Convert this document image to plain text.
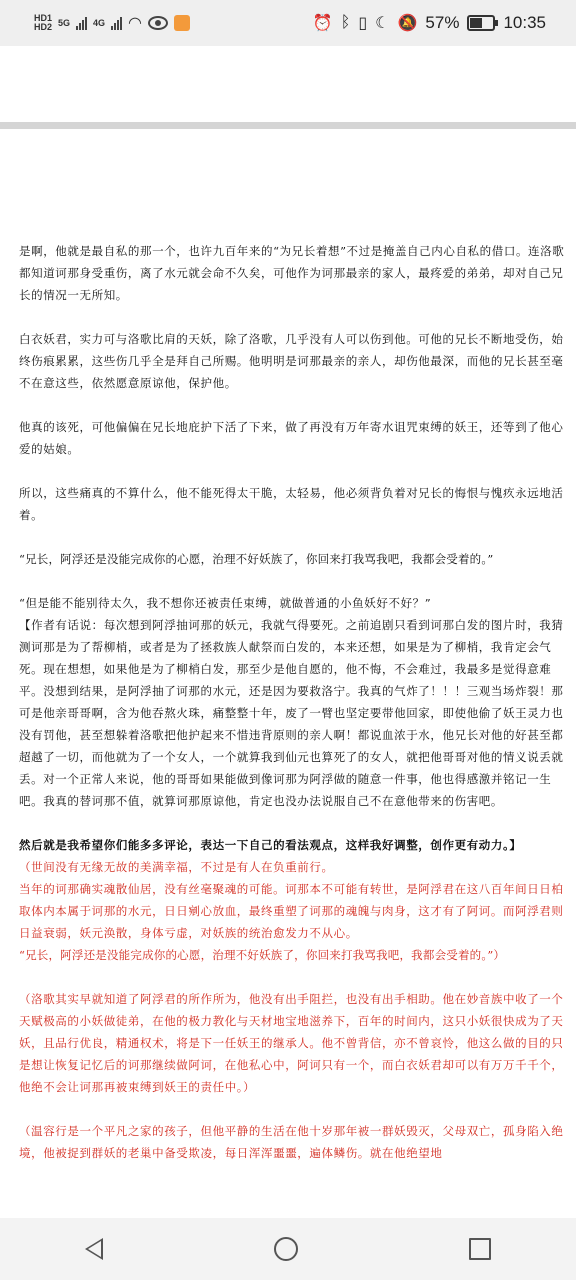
HD1
HD2 5G	4G ◠	⏰ ᛒ ▯ ☾ 🔕 57%	10:35

是啊，他就是最自私的那一个，也许九百年来的“为兄长着想”不过是掩盖自己内心自私的借口。连洛歌都知道诃那身受重伤，离了水元就会命不久矣，可他作为诃那最亲的家人，最疼爱的弟弟，却对自己兄长的情况一无所知。

白衣妖君，实力可与洛歌比肩的天妖，除了洛歌，几乎没有人可以伤到他。可他的兄长不断地受伤，始终伤痕累累，这些伤几乎全是拜自己所赐。他明明是诃那最亲的亲人，却伤他最深，而他的兄长甚至毫不在意这些，依然愿意原谅他，保护他。

他真的该死，可他偏偏在兄长地庇护下活了下来，做了再没有万年寄水诅咒束缚的妖王，还等到了他心爱的姑娘。

所以，这些痛真的不算什么，他不能死得太干脆，太轻易，他必须背负着对兄长的悔恨与愧疚永远地活着。

“兄长，阿浮还是没能完成你的心愿，治理不好妖族了，你回来打我骂我吧，我都会受着的。”

“但是能不能别待太久，我不想你还被责任束缚，就做普通的小鱼妖好不好？”

【作者有话说：每次想到阿浮抽诃那的妖元，我就气得要死。之前追剧只看到诃那白发的图片时，我猜测诃那是为了帮柳梢，或者是为了拯救族人献祭而白发的，本来还想，如果是为了柳梢，我肯定会气死。现在想想，如果他是为了柳梢白发，那至少是他自愿的，他不悔，不会难过，我最多是觉得意难平。没想到结果，是阿浮抽了诃那的水元，还是因为要救洛宁。我真的气炸了！！！三观当场炸裂！那可是他亲哥哥啊，含为他吞熬火珠，痛整整十年，废了一臂也坚定要带他回家，即使他偷了妖王灵力也没有罚他，甚至想躲着洛歌把他护起来不惜违背原则的亲人啊！都说血浓于水，他兄长对他的好甚至都超越了一切，而他就为了一个女人，一个就算我到仙元也算死了的女人，就把他哥哥对他的情义说丢就丢。对一个正常人来说，他的哥哥如果能做到像诃那为阿浮做的随意一件事，他也得感激并铭记一生吧。我真的替诃那不值，就算诃那原谅他，肯定也没办法说服自己不在意他带来的伤害吧。

然后就是我希望你们能多多评论，表达一下自己的看法观点，这样我好调整，创作更有动力。】

（世间没有无缘无故的美满幸福，不过是有人在负重前行。

当年的诃那确实魂散仙居，没有丝毫聚魂的可能。诃那本不可能有转世，是阿浮君在这八百年间日日柏取体内本属于诃那的水元，日日剜心放血，最终重塑了诃那的魂魄与肉身，这才有了阿诃。而阿浮君则日益衰弱，妖元涣散，身体亏虚，对妖族的统治愈发力不从心。

“兄长，阿浮还是没能完成你的心愿，治理不好妖族了，你回来打我骂我吧，我都会受着的。”）

（洛歌其实早就知道了阿浮君的所作所为，他没有出手阻拦，也没有出手相助。他在妙音族中收了一个天赋极高的小妖做徒弟，在他的极力教化与天材地宝地滋养下，百年的时间内，这只小妖很快成为了天妖，且品行优良，精通权术，将是下一任妖王的继承人。他不曾背信，亦不曾哀怜，他这么做的目的只是想让恢复记忆后的诃那继续做阿诃，在他私心中，阿诃只有一个，而白衣妖君却可以有万万千千个，他绝不会让诃那再被束缚到妖王的责任中。）

（温容行是一个平凡之家的孩子，但他平静的生活在他十岁那年被一群妖毁灭，父母双亡，孤身陷入绝境，他被捉到群妖的老巢中备受欺凌，每日浑浑噩噩，遍体鳞伤。就在他绝望地
